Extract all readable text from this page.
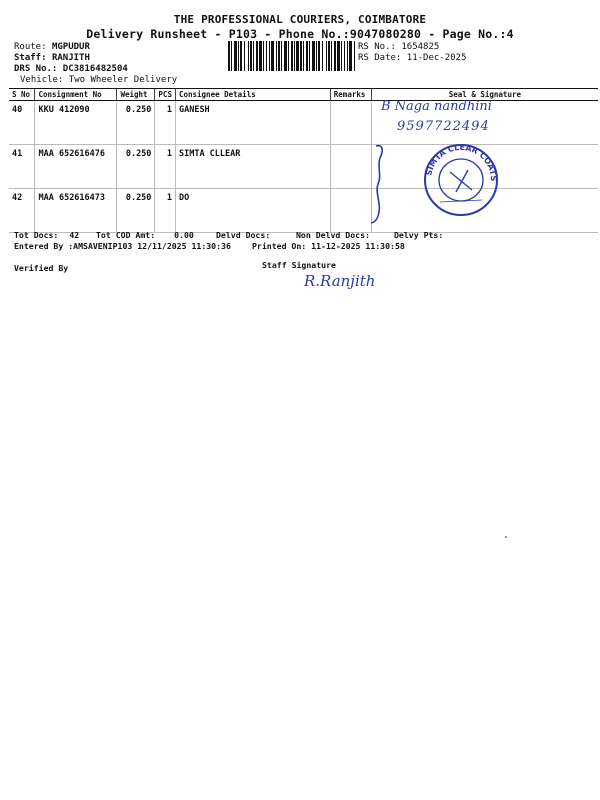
THE PROFESSIONAL COURIERS, COIMBATORE
Delivery Runsheet - P103 - Phone No.:9047080280 - Page No.:4
Route: MGPUDUR
Staff: RANJITH
DRS No.: DC3816482504
Vehicle: Two Wheeler Delivery
RS No.: 1654825
RS Date: 11-Dec-2025
S No	Consignment No	Weight	PCS	Consignee Details	Remarks	Seal & Signature
40	KKU 412090	0.250	1	GANESH		
41	MAA 652616476	0.250	1	SIMTA CLLEAR		
42	MAA 652616473	0.250	1	DO		
B Naga nandhini
9597722494
SIMTA CLEAR COATS
Tot Docs: 42 Tot COD Amt: 0.00	Delvd Docs:	Non Delvd Docs:	Delvy Pts:
Entered By :AMSAVENIP103 12/11/2025 11:30:36	Printed On: 11-12-2025 11:30:58
Verified By	Staff Signature
R.Ranjith
